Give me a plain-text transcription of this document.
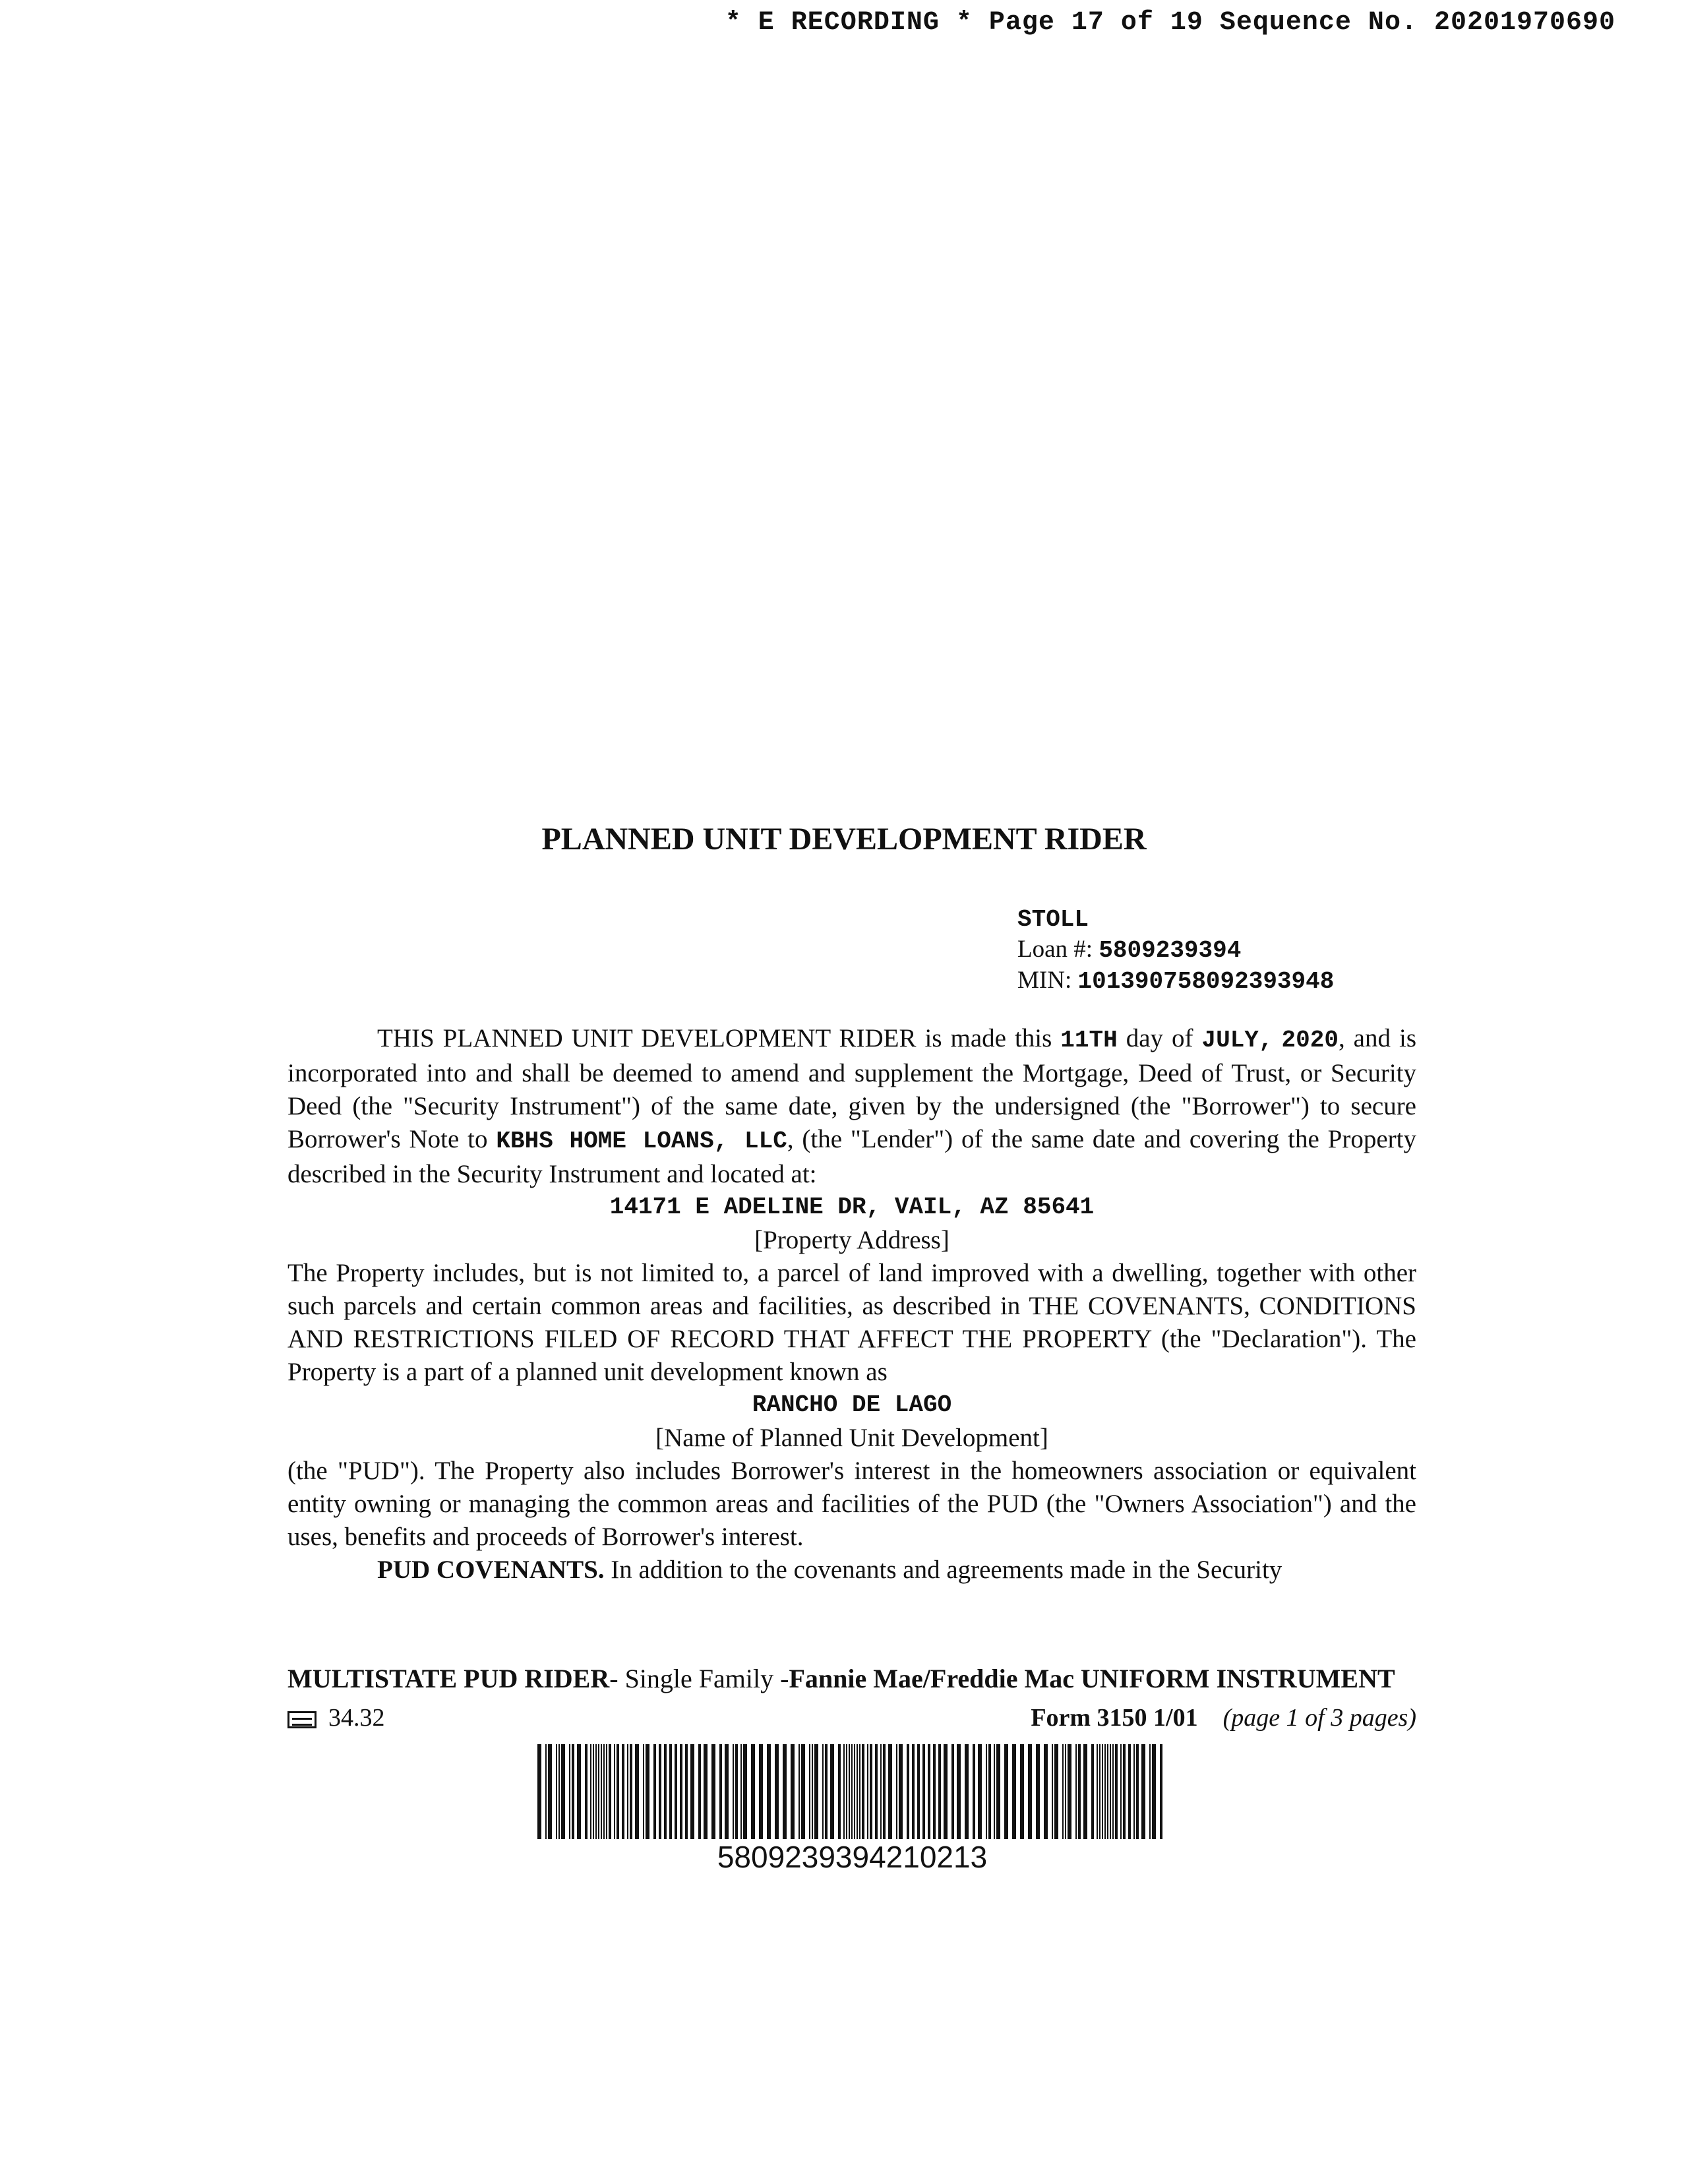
* E RECORDING * Page 17 of 19 Sequence No. 20201970690
PLANNED UNIT DEVELOPMENT RIDER
STOLL
Loan #: 5809239394
MIN: 101390758092393948

THIS PLANNED UNIT DEVELOPMENT RIDER is made this 11TH day of JULY, 2020, and is incorporated into and shall be deemed to amend and supplement the Mortgage, Deed of Trust, or Security Deed (the "Security Instrument") of the same date, given by the undersigned (the "Borrower") to secure Borrower's Note to KBHS HOME LOANS, LLC, (the "Lender") of the same date and covering the Property described in the Security Instrument and located at:

14171 E ADELINE DR, VAIL, AZ 85641

[Property Address]

The Property includes, but is not limited to, a parcel of land improved with a dwelling, together with other such parcels and certain common areas and facilities, as described in THE COVENANTS, CONDITIONS AND RESTRICTIONS FILED OF RECORD THAT AFFECT THE PROPERTY (the "Declaration"). The Property is a part of a planned unit development known as

RANCHO DE LAGO

[Name of Planned Unit Development]

(the "PUD"). The Property also includes Borrower's interest in the homeowners association or equivalent entity owning or managing the common areas and facilities of the PUD (the "Owners Association") and the uses, benefits and proceeds of Borrower's interest.

PUD COVENANTS. In addition to the covenants and agreements made in the Security

MULTISTATE PUD RIDER- Single Family -Fannie Mae/Freddie Mac UNIFORM INSTRUMENT
34.32	Form 3150 1/01 (page 1 of 3 pages)
5809239394210213
